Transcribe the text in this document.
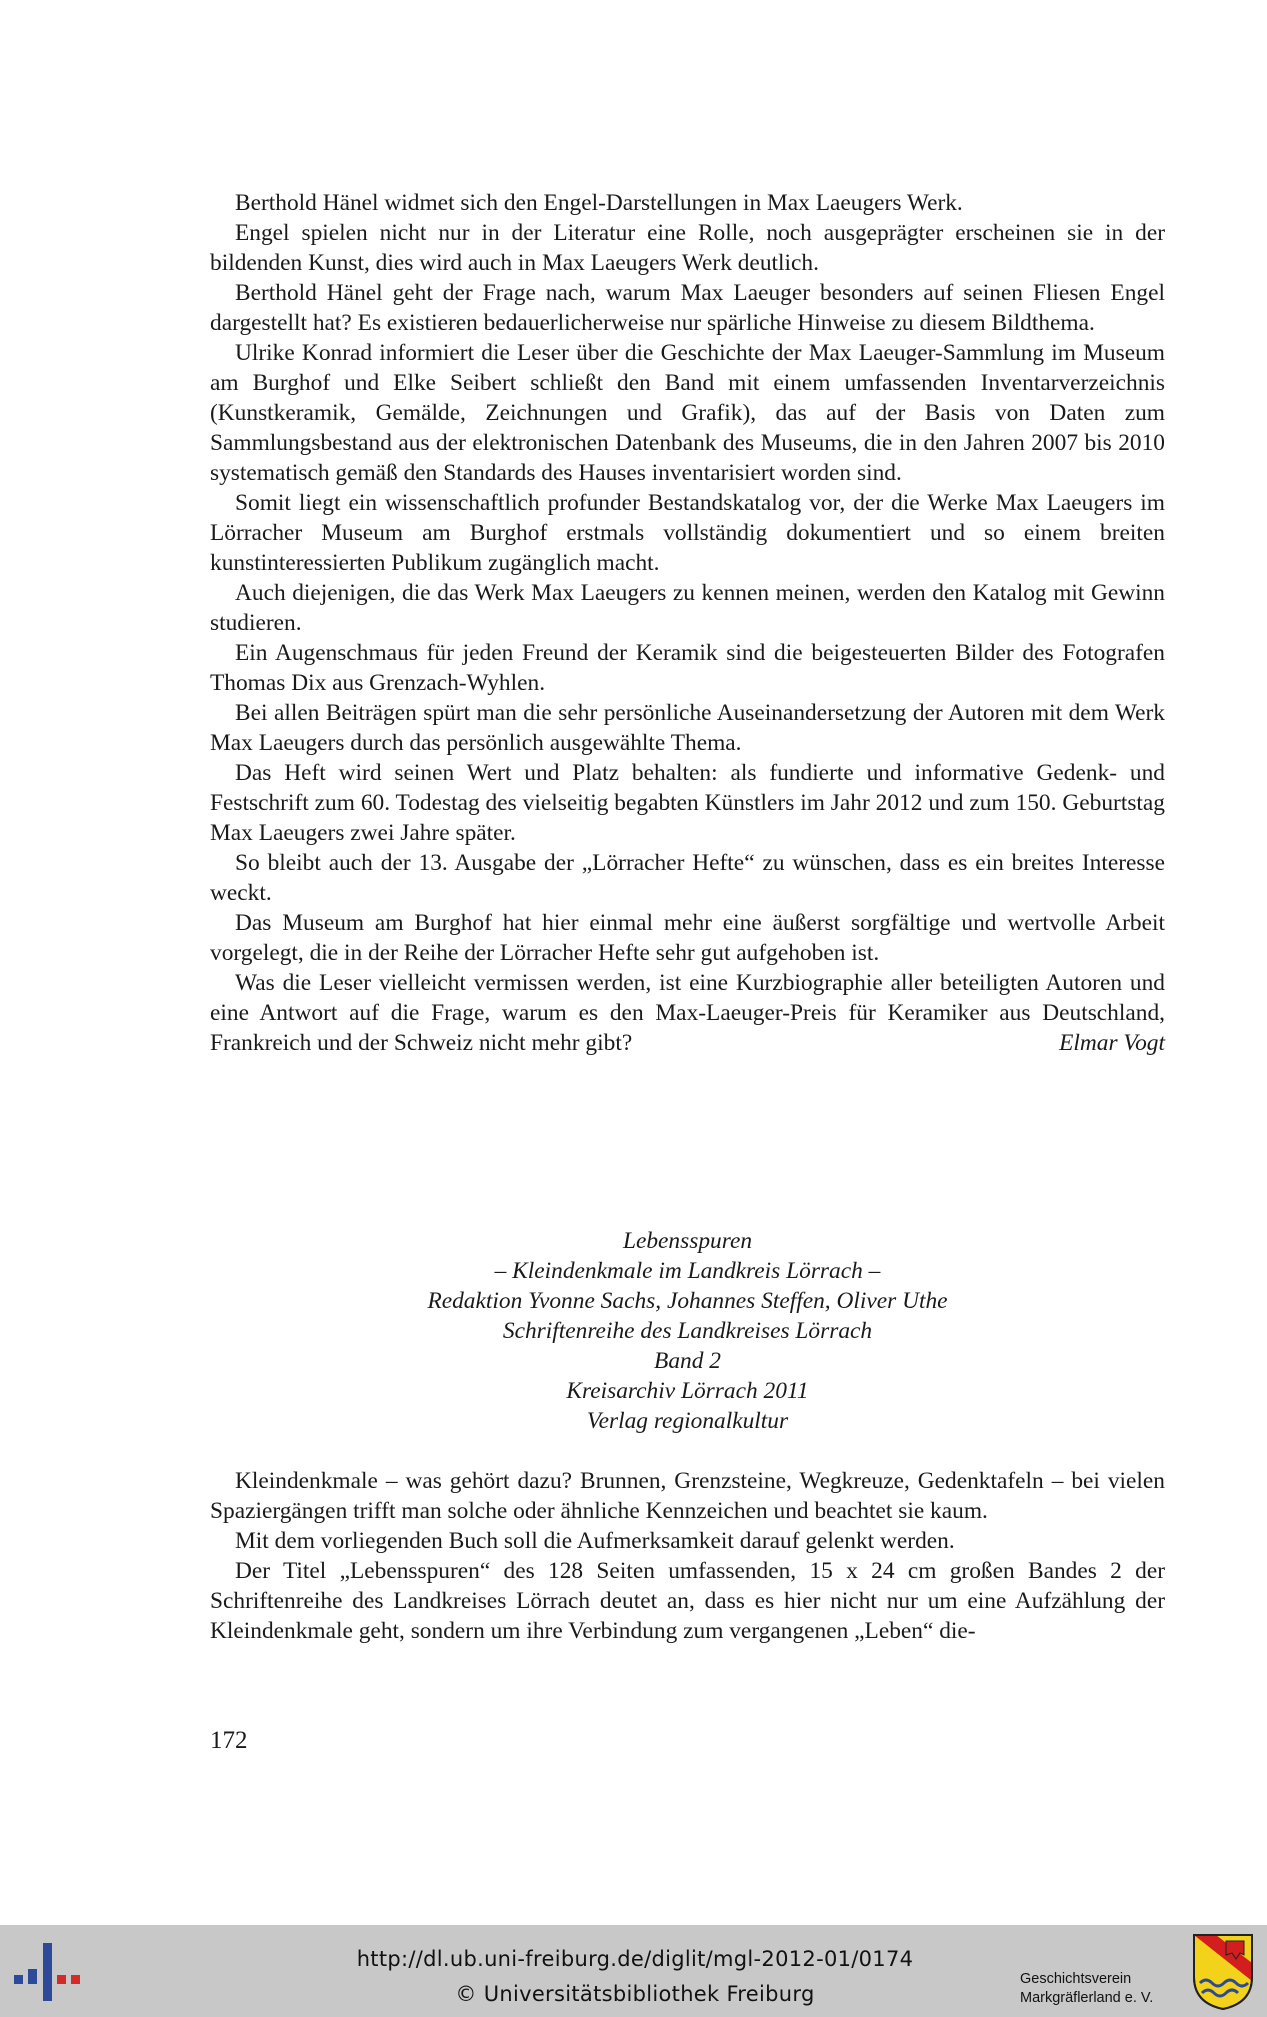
Berthold Hänel widmet sich den Engel-Darstellungen in Max Laeugers Werk.

Engel spielen nicht nur in der Literatur eine Rolle, noch ausgeprägter erscheinen sie in der bildenden Kunst, dies wird auch in Max Laeugers Werk deutlich.

Berthold Hänel geht der Frage nach, warum Max Laeuger besonders auf seinen Fliesen Engel dargestellt hat? Es existieren bedauerlicherweise nur spärliche Hinweise zu diesem Bildthema.

Ulrike Konrad informiert die Leser über die Geschichte der Max Laeuger-Sammlung im Museum am Burghof und Elke Seibert schließt den Band mit einem umfassenden Inventarverzeichnis (Kunstkeramik, Gemälde, Zeichnungen und Grafik), das auf der Basis von Daten zum Sammlungsbestand aus der elektronischen Datenbank des Museums, die in den Jahren 2007 bis 2010 systematisch gemäß den Standards des Hauses inventarisiert worden sind.

Somit liegt ein wissenschaftlich profunder Bestandskatalog vor, der die Werke Max Laeugers im Lörracher Museum am Burghof erstmals vollständig dokumentiert und so einem breiten kunstinteressierten Publikum zugänglich macht.

Auch diejenigen, die das Werk Max Laeugers zu kennen meinen, werden den Katalog mit Gewinn studieren.

Ein Augenschmaus für jeden Freund der Keramik sind die beigesteuerten Bilder des Fotografen Thomas Dix aus Grenzach-Wyhlen.

Bei allen Beiträgen spürt man die sehr persönliche Auseinandersetzung der Autoren mit dem Werk Max Laeugers durch das persönlich ausgewählte Thema.

Das Heft wird seinen Wert und Platz behalten: als fundierte und informative Gedenk- und Festschrift zum 60. Todestag des vielseitig begabten Künstlers im Jahr 2012 und zum 150. Geburtstag Max Laeugers zwei Jahre später.

So bleibt auch der 13. Ausgabe der „Lörracher Hefte“ zu wünschen, dass es ein breites Interesse weckt.

Das Museum am Burghof hat hier einmal mehr eine äußerst sorgfältige und wertvolle Arbeit vorgelegt, die in der Reihe der Lörracher Hefte sehr gut aufgehoben ist.

Was die Leser vielleicht vermissen werden, ist eine Kurzbiographie aller beteiligten Autoren und eine Antwort auf die Frage, warum es den Max-Laeuger-Preis für Keramiker aus Deutschland, Frankreich und der Schweiz nicht mehr gibt?	Elmar Vogt

Lebensspuren
– Kleindenkmale im Landkreis Lörrach –
Redaktion Yvonne Sachs, Johannes Steffen, Oliver Uthe
Schriftenreihe des Landkreises Lörrach
Band 2
Kreisarchiv Lörrach 2011
Verlag regionalkultur

Kleindenkmale – was gehört dazu? Brunnen, Grenzsteine, Wegkreuze, Gedenktafeln – bei vielen Spaziergängen trifft man solche oder ähnliche Kennzeichen und beachtet sie kaum.

Mit dem vorliegenden Buch soll die Aufmerksamkeit darauf gelenkt werden.

Der Titel „Lebensspuren“ des 128 Seiten umfassenden, 15 x 24 cm großen Bandes 2 der Schriftenreihe des Landkreises Lörrach deutet an, dass es hier nicht nur um eine Aufzählung der Kleindenkmale geht, sondern um ihre Verbindung zum vergangenen „Leben“ die-

172
http://dl.ub.uni-freiburg.de/diglit/mgl-2012-01/0174
© Universitätsbibliothek Freiburg
Geschichtsverein
Markgräflerland e. V.
